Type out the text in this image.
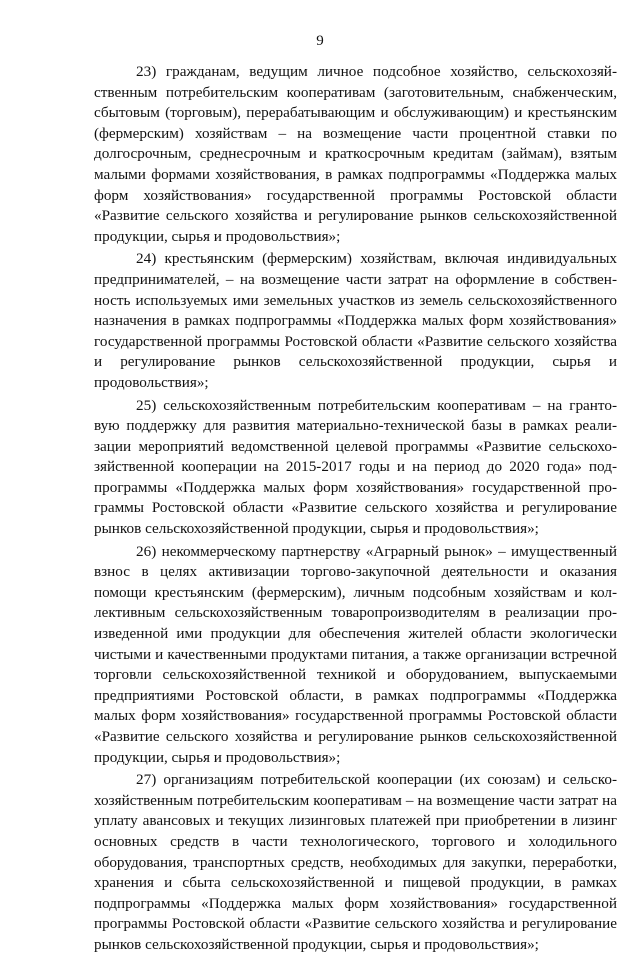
9

23) гражданам, ведущим личное подсобное хозяйство, сельскохозяйственным потребительским кооперативам (заготовительным, снабженческим, сбытовым (торговым), перерабатывающим и обслуживающим) и крестьянским (фермерским) хозяйствам – на возмещение части процентной ставки по долгосрочным, среднесрочным и краткосрочным кредитам (займам), взятым малыми формами хозяйствования, в рамках подпрограммы «Поддержка малых форм хозяйствования» государственной программы Ростовской области «Развитие сельского хозяйства и регулирование рынков сельскохозяйственной продукции, сырья и продовольствия»;

24) крестьянским (фермерским) хозяйствам, включая индивидуальных предпринимателей, – на возмещение части затрат на оформление в собственность используемых ими земельных участков из земель сельскохозяйственного назначения в рамках подпрограммы «Поддержка малых форм хозяйствования» государственной программы Ростовской области «Развитие сельского хозяйства и регулирование рынков сельскохозяйственной продукции, сырья и продовольствия»;

25) сельскохозяйственным потребительским кооперативам – на грантовую поддержку для развития материально-технической базы в рамках реализации мероприятий ведомственной целевой программы «Развитие сельскохозяйственной кооперации на 2015-2017 годы и на период до 2020 года» подпрограммы «Поддержка малых форм хозяйствования» государственной программы Ростовской области «Развитие сельского хозяйства и регулирование рынков сельскохозяйственной продукции, сырья и продовольствия»;

26) некоммерческому партнерству «Аграрный рынок» – имущественный взнос в целях активизации торгово-закупочной деятельности и оказания помощи крестьянским (фермерским), личным подсобным хозяйствам и коллективным сельскохозяйственным товаропроизводителям в реализации произведенной ими продукции для обеспечения жителей области экологически чистыми и качественными продуктами питания, а также организации встречной торговли сельскохозяйственной техникой и оборудованием, выпускаемыми предприятиями Ростовской области, в рамках подпрограммы «Поддержка малых форм хозяйствования» государственной программы Ростовской области «Развитие сельского хозяйства и регулирование рынков сельскохозяйственной продукции, сырья и продовольствия»;

27) организациям потребительской кооперации (их союзам) и сельскохозяйственным потребительским кооперативам – на возмещение части затрат на уплату авансовых и текущих лизинговых платежей при приобретении в лизинг основных средств в части технологического, торгового и холодильного оборудования, транспортных средств, необходимых для закупки, переработки, хранения и сбыта сельскохозяйственной и пищевой продукции, в рамках подпрограммы «Поддержка малых форм хозяйствования» государственной программы Ростовской области «Развитие сельского хозяйства и регулирование рынков сельскохозяйственной продукции, сырья и продовольствия»;
